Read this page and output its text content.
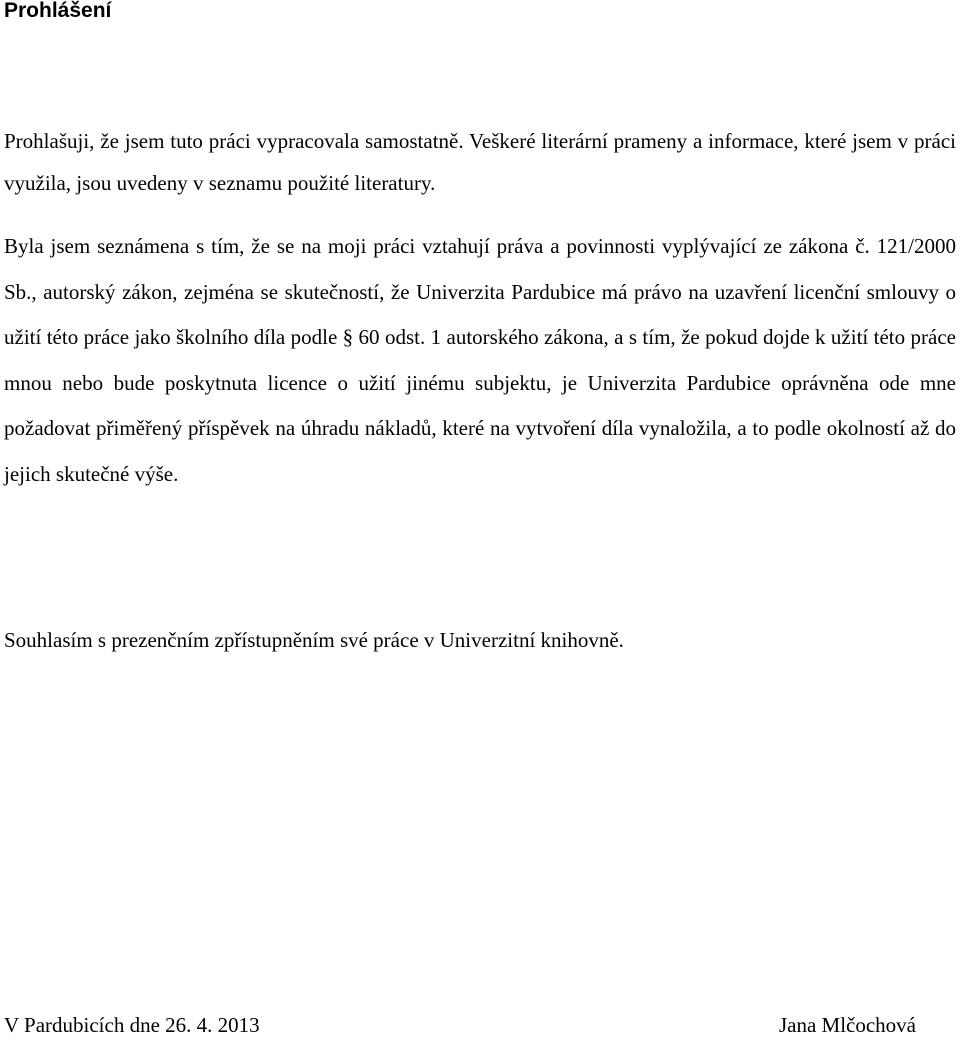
Prohlášení

Prohlašuji, že jsem tuto práci vypracovala samostatně. Veškeré literární prameny a informace, které jsem v práci využila, jsou uvedeny v seznamu použité literatury.

Byla jsem seznámena s tím, že se na moji práci vztahují práva a povinnosti vyplývající ze zákona č. 121/2000 Sb., autorský zákon, zejména se skutečností, že Univerzita Pardubice má právo na uzavření licenční smlouvy o užití této práce jako školního díla podle § 60 odst. 1 autorského zákona, a s tím, že pokud dojde k užití této práce mnou nebo bude poskytnuta licence o užití jinému subjektu, je Univerzita Pardubice oprávněna ode mne požadovat přiměřený příspěvek na úhradu nákladů, které na vytvoření díla vynaložila, a to podle okolností až do jejich skutečné výše.

Souhlasím s prezenčním zpřístupněním své práce v Univerzitní knihovně.

V Pardubicích dne 26. 4. 2013	Jana Mlčochová
